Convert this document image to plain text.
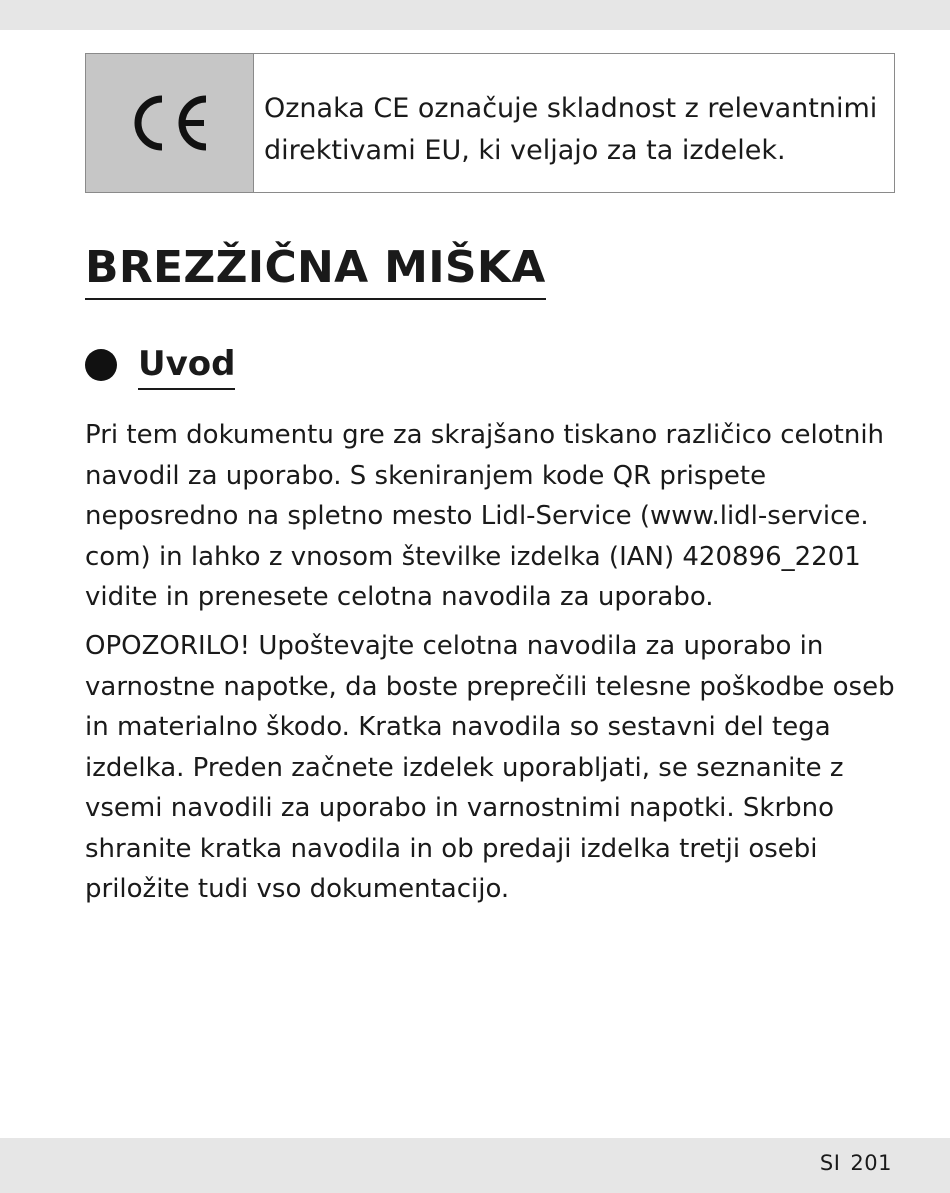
Oznaka CE označuje skladnost z relevantnimi
direktivami EU, ki veljajo za ta izdelek.
BREZŽIČNA MIŠKA
Uvod

Pri tem dokumentu gre za skrajšano tiskano različico celotnih
navodil za uporabo. S skeniranjem kode QR prispete
neposredno na spletno mesto Lidl-Service (www.lidl-service.
com) in lahko z vnosom številke izdelka (IAN) 420896_2201
vidite in prenesete celotna navodila za uporabo.

OPOZORILO! Upoštevajte celotna navodila za uporabo in
varnostne napotke, da boste preprečili telesne poškodbe oseb
in materialno škodo. Kratka navodila so sestavni del tega
izdelka. Preden začnete izdelek uporabljati, se seznanite z
vsemi navodili za uporabo in varnostnimi napotki. Skrbno
shranite kratka navodila in ob predaji izdelka tretji osebi
priložite tudi vso dokumentacijo.

SI 201
